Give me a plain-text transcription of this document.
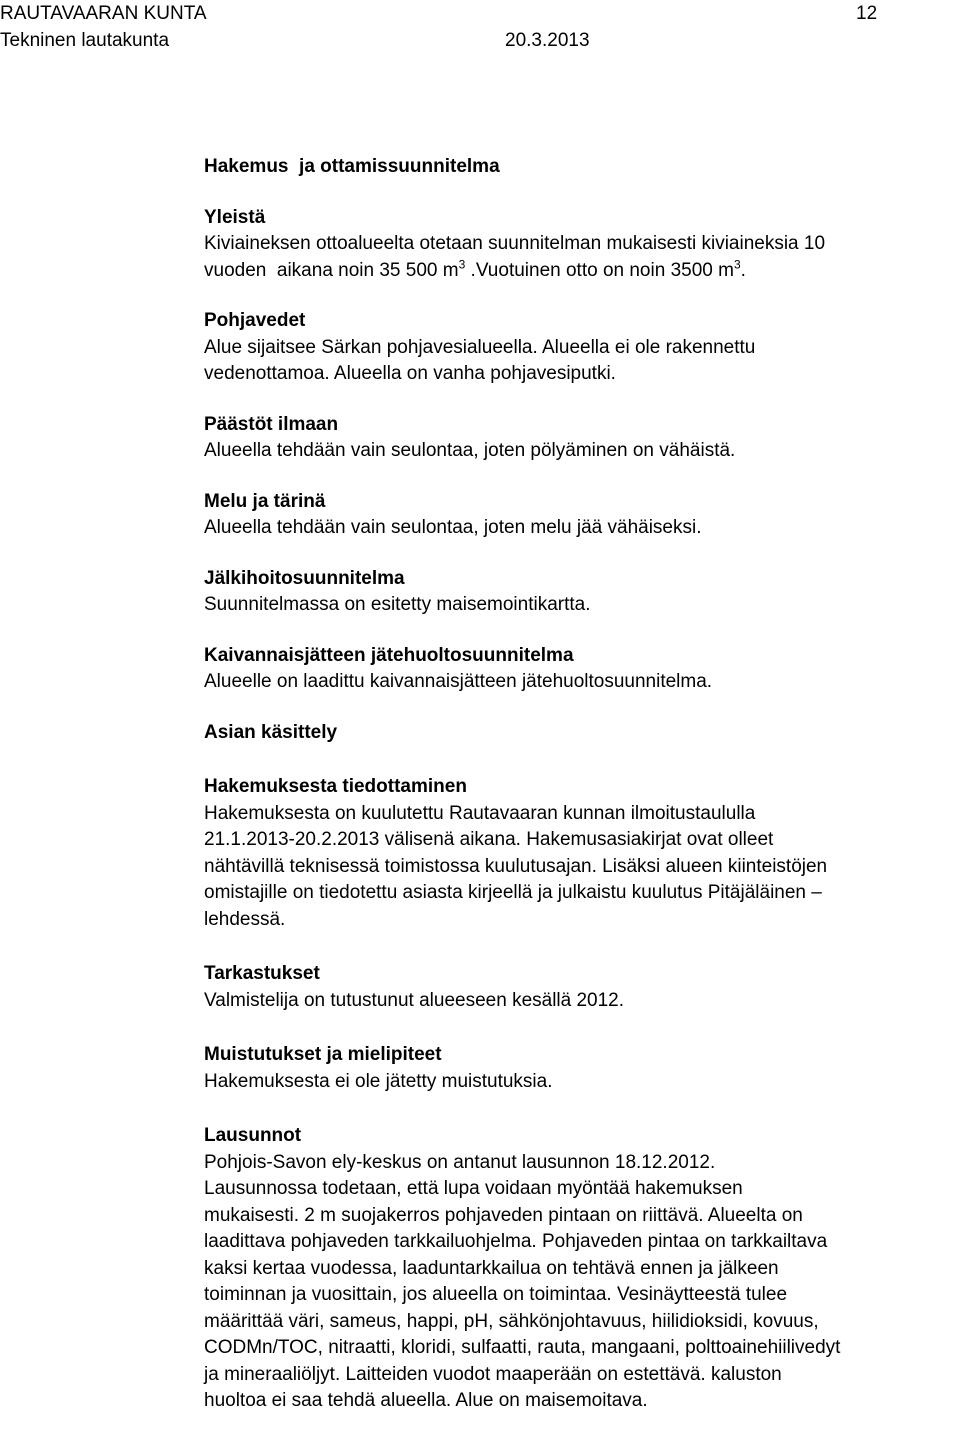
RAUTAVAARAN KUNTA	12
Tekninen lautakunta	20.3.2013
Hakemus  ja ottamissuunnitelma
Yleistä
Kiviaineksen ottoalueelta otetaan suunnitelman mukaisesti kiviaineksia 10
vuoden  aikana noin 35 500 $m^3$ .Vuotuinen otto on noin 3500 $m^3$.
Pohjavedet
Alue sijaitsee Särkan pohjavesialueella. Alueella ei ole rakennettu
vedenottamoa. Alueella on vanha pohjavesiputki.
Päästöt ilmaan
Alueella tehdään vain seulontaa, joten pölyäminen on vähäistä.
Melu ja tärinä
Alueella tehdään vain seulontaa, joten melu jää vähäiseksi.
Jälkihoitosuunnitelma
Suunnitelmassa on esitetty maisemointikartta.
Kaivannaisjätteen jätehuoltosuunnitelma
Alueelle on laadittu kaivannaisjätteen jätehuoltosuunnitelma.
Asian käsittely
Hakemuksesta tiedottaminen
Hakemuksesta on kuulutettu Rautavaaran kunnan ilmoitustaululla
21.1.2013-20.2.2013 välisenä aikana. Hakemusasiakirjat ovat olleet
nähtävillä teknisessä toimistossa kuulutusajan. Lisäksi alueen kiinteistöjen
omistajille on tiedotettu asiasta kirjeellä ja julkaistu kuulutus Pitäjäläinen –
lehdessä.
Tarkastukset
Valmistelija on tutustunut alueeseen kesällä 2012.
Muistutukset ja mielipiteet
Hakemuksesta ei ole jätetty muistutuksia.
Lausunnot
Pohjois-Savon ely-keskus on antanut lausunnon 18.12.2012.
Lausunnossa todetaan, että lupa voidaan myöntää hakemuksen
mukaisesti. 2 m suojakerros pohjaveden pintaan on riittävä. Alueelta on
laadittava pohjaveden tarkkailuohjelma. Pohjaveden pintaa on tarkkailtava
kaksi kertaa vuodessa, laaduntarkkailua on tehtävä ennen ja jälkeen
toiminnan ja vuosittain, jos alueella on toimintaa. Vesinäytteestä tulee
määrittää väri, sameus, happi, pH, sähkönjohtavuus, hiilidioksidi, kovuus,
CODMn/TOC, nitraatti, kloridi, sulfaatti, rauta, mangaani, polttoainehiilivedyt
ja mineraaliöljyt. Laitteiden vuodot maaperään on estettävä. kaluston
huoltoa ei saa tehdä alueella. Alue on maisemoitava.
